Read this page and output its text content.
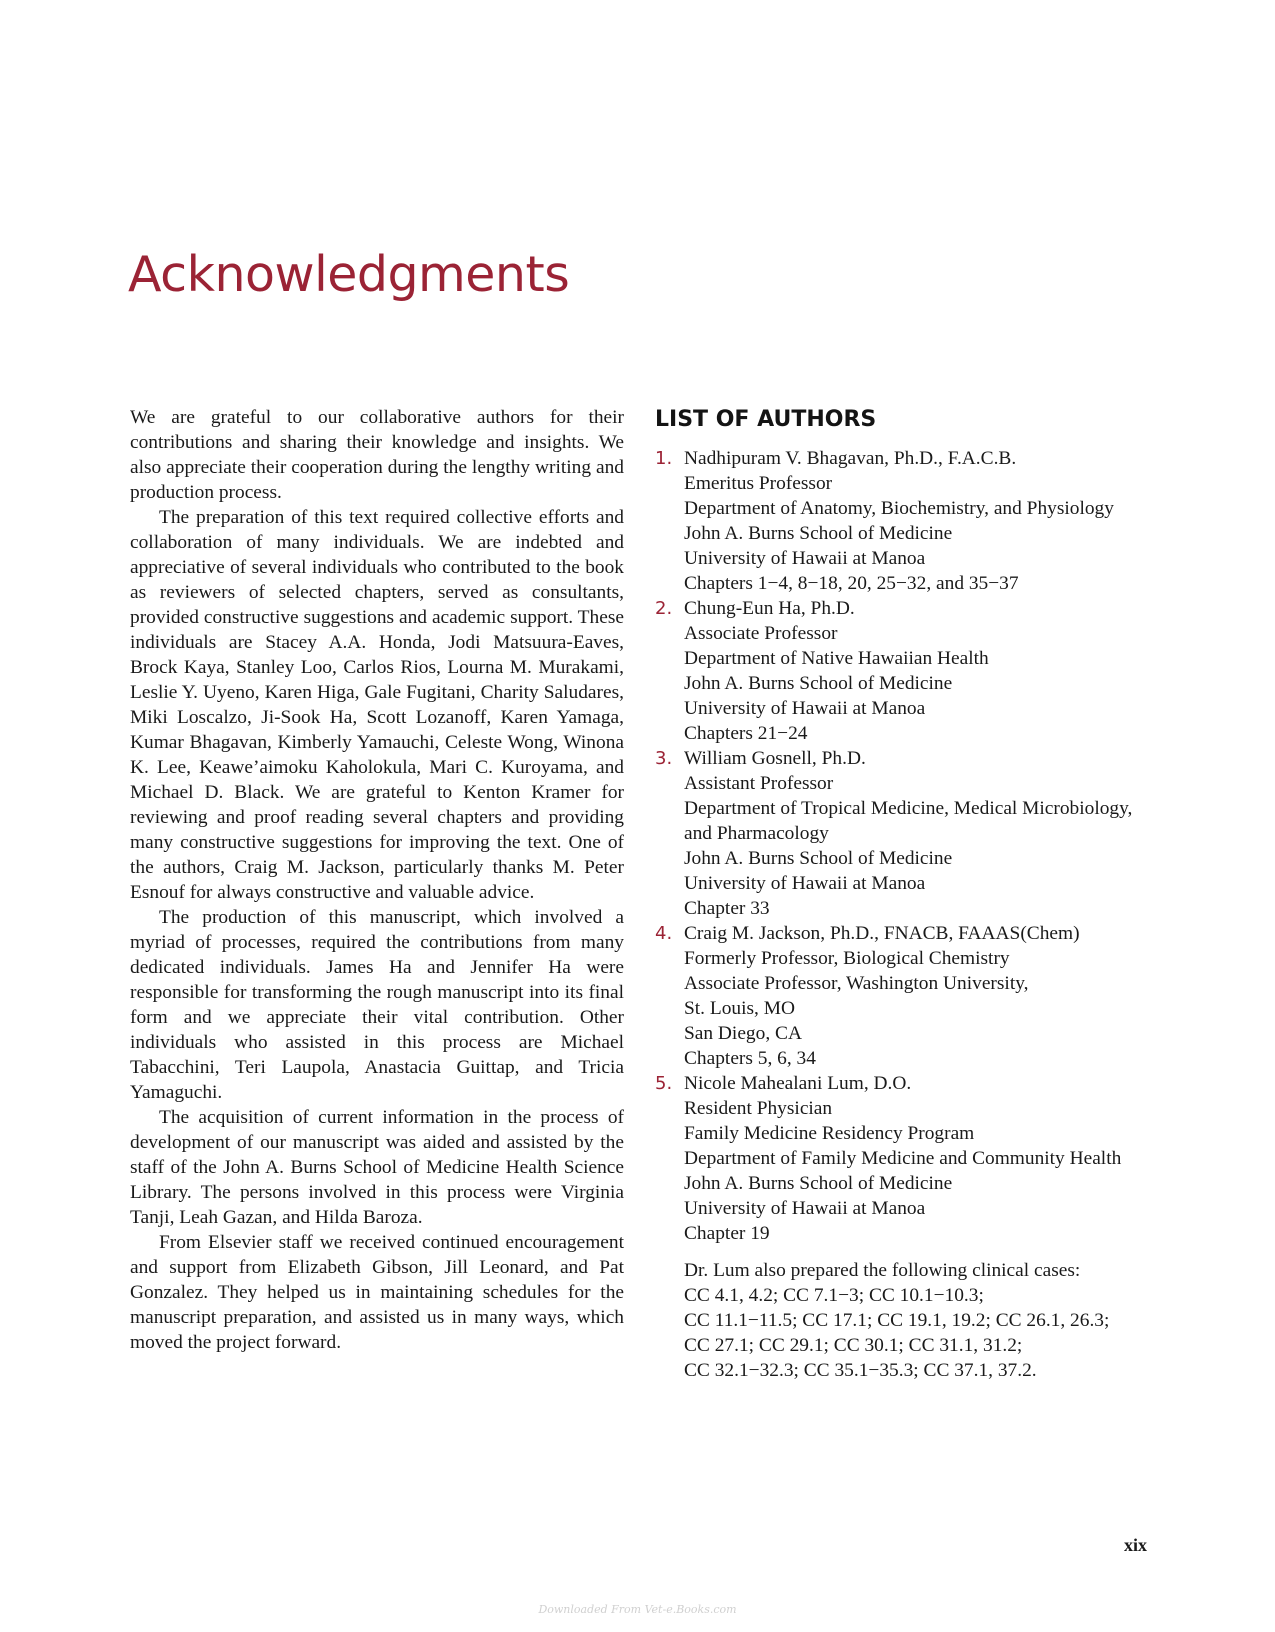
Acknowledgments

We are grateful to our collaborative authors for their contributions and sharing their knowledge and insights. We also appreciate their cooperation during the lengthy writing and production process.

The preparation of this text required collective efforts and collaboration of many individuals. We are indebted and appreciative of several individuals who contributed to the book as reviewers of selected chapters, served as consultants, provided constructive suggestions and academic support. These individuals are Stacey A.A. Honda, Jodi Matsuura-Eaves, Brock Kaya, Stanley Loo, Carlos Rios, Lourna M. Murakami, Leslie Y. Uyeno, Karen Higa, Gale Fugitani, Charity Saludares, Miki Loscalzo, Ji-Sook Ha, Scott Lozanoff, Karen Yamaga, Kumar Bhagavan, Kimberly Yamauchi, Celeste Wong, Winona K. Lee, Keawe’aimoku Kaholokula, Mari C. Kuroyama, and Michael D. Black. We are grateful to Kenton Kramer for reviewing and proof reading several chapters and providing many constructive suggestions for improving the text. One of the authors, Craig M. Jackson, particularly thanks M. Peter Esnouf for always constructive and valuable advice.

The production of this manuscript, which involved a myriad of processes, required the contributions from many dedicated individuals. James Ha and Jennifer Ha were responsible for transforming the rough manuscript into its final form and we appreciate their vital contribution. Other individuals who assisted in this process are Michael Tabacchini, Teri Laupola, Anastacia Guittap, and Tricia Yamaguchi.

The acquisition of current information in the process of development of our manuscript was aided and assisted by the staff of the John A. Burns School of Medicine Health Science Library. The persons involved in this process were Virginia Tanji, Leah Gazan, and Hilda Baroza.

From Elsevier staff we received continued encouragement and support from Elizabeth Gibson, Jill Leonard, and Pat Gonzalez. They helped us in maintaining schedules for the manuscript preparation, and assisted us in many ways, which moved the project forward.

LIST OF AUTHORS
1. Nadhipuram V. Bhagavan, Ph.D., F.A.C.B.
Emeritus Professor
Department of Anatomy, Biochemistry, and Physiology
John A. Burns School of Medicine
University of Hawaii at Manoa
Chapters 1−4, 8−18, 20, 25−32, and 35−37
2. Chung-Eun Ha, Ph.D.
Associate Professor
Department of Native Hawaiian Health
John A. Burns School of Medicine
University of Hawaii at Manoa
Chapters 21−24
3. William Gosnell, Ph.D.
Assistant Professor
Department of Tropical Medicine, Medical Microbiology,
and Pharmacology
John A. Burns School of Medicine
University of Hawaii at Manoa
Chapter 33
4. Craig M. Jackson, Ph.D., FNACB, FAAAS(Chem)
Formerly Professor, Biological Chemistry
Associate Professor, Washington University,
St. Louis, MO
San Diego, CA
Chapters 5, 6, 34
5. Nicole Mahealani Lum, D.O.
Resident Physician
Family Medicine Residency Program
Department of Family Medicine and Community Health
John A. Burns School of Medicine
University of Hawaii at Manoa
Chapter 19
Dr. Lum also prepared the following clinical cases:
CC 4.1, 4.2; CC 7.1−3; CC 10.1−10.3;
CC 11.1−11.5; CC 17.1; CC 19.1, 19.2; CC 26.1, 26.3;
CC 27.1; CC 29.1; CC 30.1; CC 31.1, 31.2;
CC 32.1−32.3; CC 35.1−35.3; CC 37.1, 37.2.
xix
Downloaded From Vet-e.Books.com
